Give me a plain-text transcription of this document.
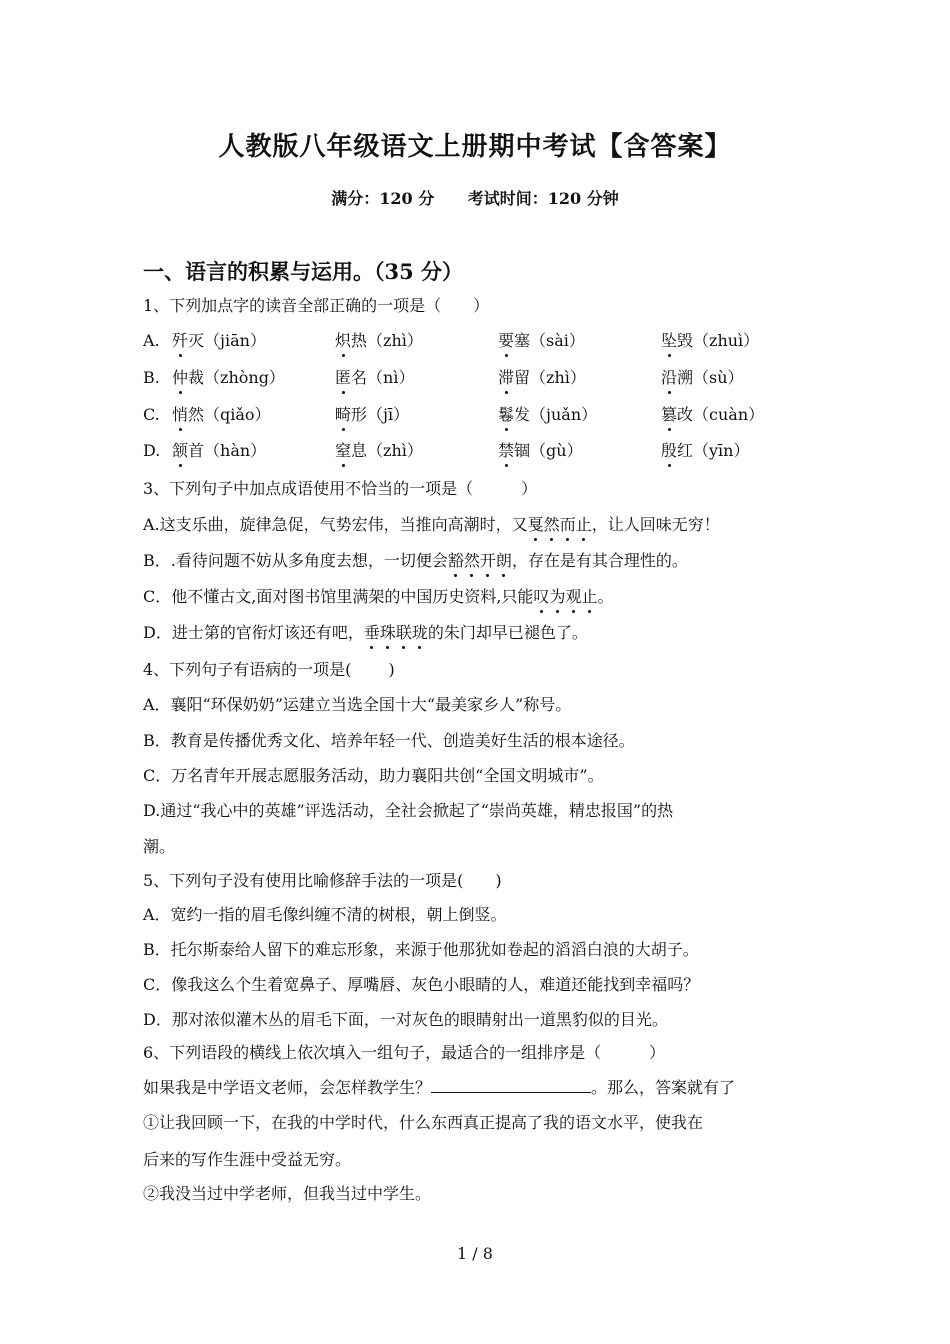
人教版八年级语文上册期中考试【含答案】
满分：120 分 考试时间：120 分钟
一、语言的积累与运用。（35 分）
1、下列加点字的读音全部正确的一项是（　　）
A. 歼灭（jiān）	炽热（zhì）	要塞（sài）	坠毁（zhuì）
B. 仲裁（zhòng）	匿名（nì）	滞留（zhì）	沿溯（sù）
C. 悄然（qiǎo）	畸形（jī）	鬈发（juǎn）	篡改（cuàn）
D. 颔首（hàn）	窒息（zhì）	禁锢（gù）	殷红（yīn）
3、下列句子中加点成语使用不恰当的一项是（　　　）
A.这支乐曲，旋律急促，气势宏伟，当推向高潮时，又戛然而止，让人回味无穷！
B．.看待问题不妨从多角度去想，一切便会豁然开朗，存在是有其合理性的。
C．他不懂古文,面对图书馆里满架的中国历史资料,只能叹为观止。
D．进士第的官衔灯该还有吧，垂珠联珑的朱门却早已褪色了。
4、下列句子有语病的一项是(　　 )
A．襄阳“环保奶奶”运建立当选全国十大“最美家乡人”称号。
B．教育是传播优秀文化、培养年轻一代、创造美好生活的根本途径。
C．万名青年开展志愿服务活动，助力襄阳共创“全国文明城市”。
D.通过“我心中的英雄”评选活动，全社会掀起了“崇尚英雄，精忠报国”的热
潮。
5、下列句子没有使用比喻修辞手法的一项是(　　)
A．宽约一指的眉毛像纠缠不清的树根，朝上倒竖。
B．托尔斯泰给人留下的难忘形象，来源于他那犹如卷起的滔滔白浪的大胡子。
C．像我这么个生着宽鼻子、厚嘴唇、灰色小眼睛的人，难道还能找到幸福吗？
D．那对浓似灌木丛的眉毛下面，一对灰色的眼睛射出一道黑豹似的目光。
6、下列语段的横线上依次填入一组句子，最适合的一组排序是（　　　）
如果我是中学语文老师，会怎样教学生？	。那么，答案就有了
①让我回顾一下，在我的中学时代，什么东西真正提高了我的语文水平，使我在
后来的写作生涯中受益无穷。
②我没当过中学老师，但我当过中学生。
1 / 8
